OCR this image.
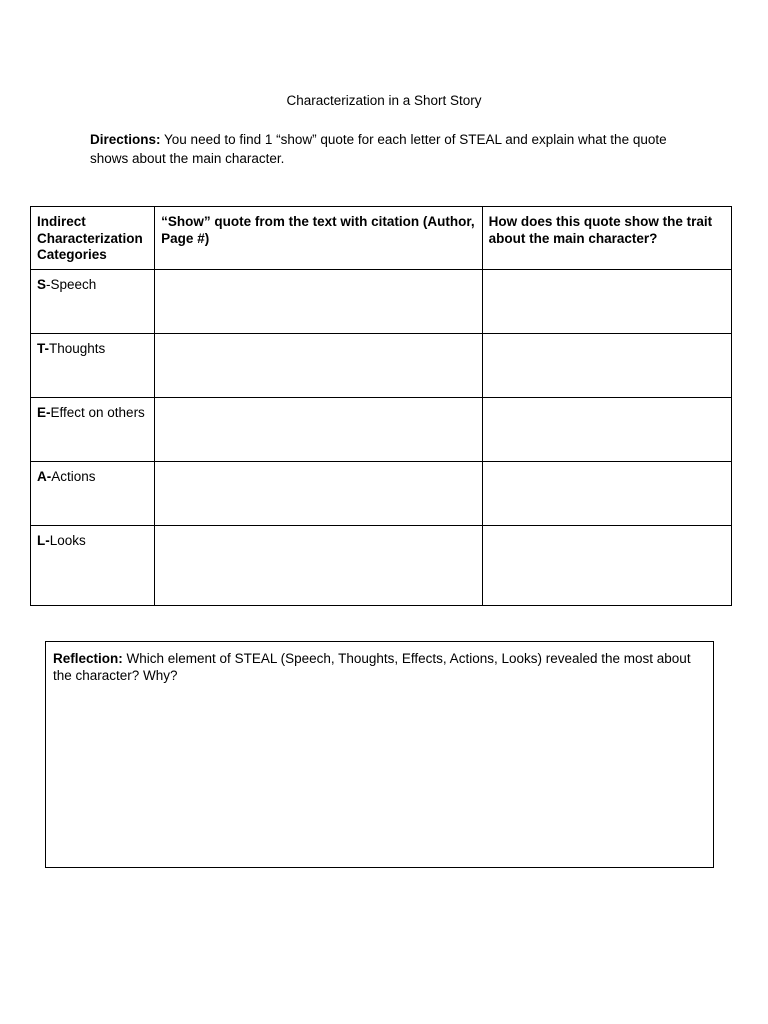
Characterization in a Short Story
Directions: You need to find 1 “show” quote for each letter of STEAL and explain what the quote shows about the main character.
Indirect Characterization Categories	“Show” quote from the text with citation (Author, Page #)	How does this quote show the trait about the main character?
S-Speech		
T-Thoughts		
E-Effect on others		
A-Actions		
L-Looks		
Reflection: Which element of STEAL (Speech, Thoughts, Effects, Actions, Looks) revealed the most about the character? Why?
